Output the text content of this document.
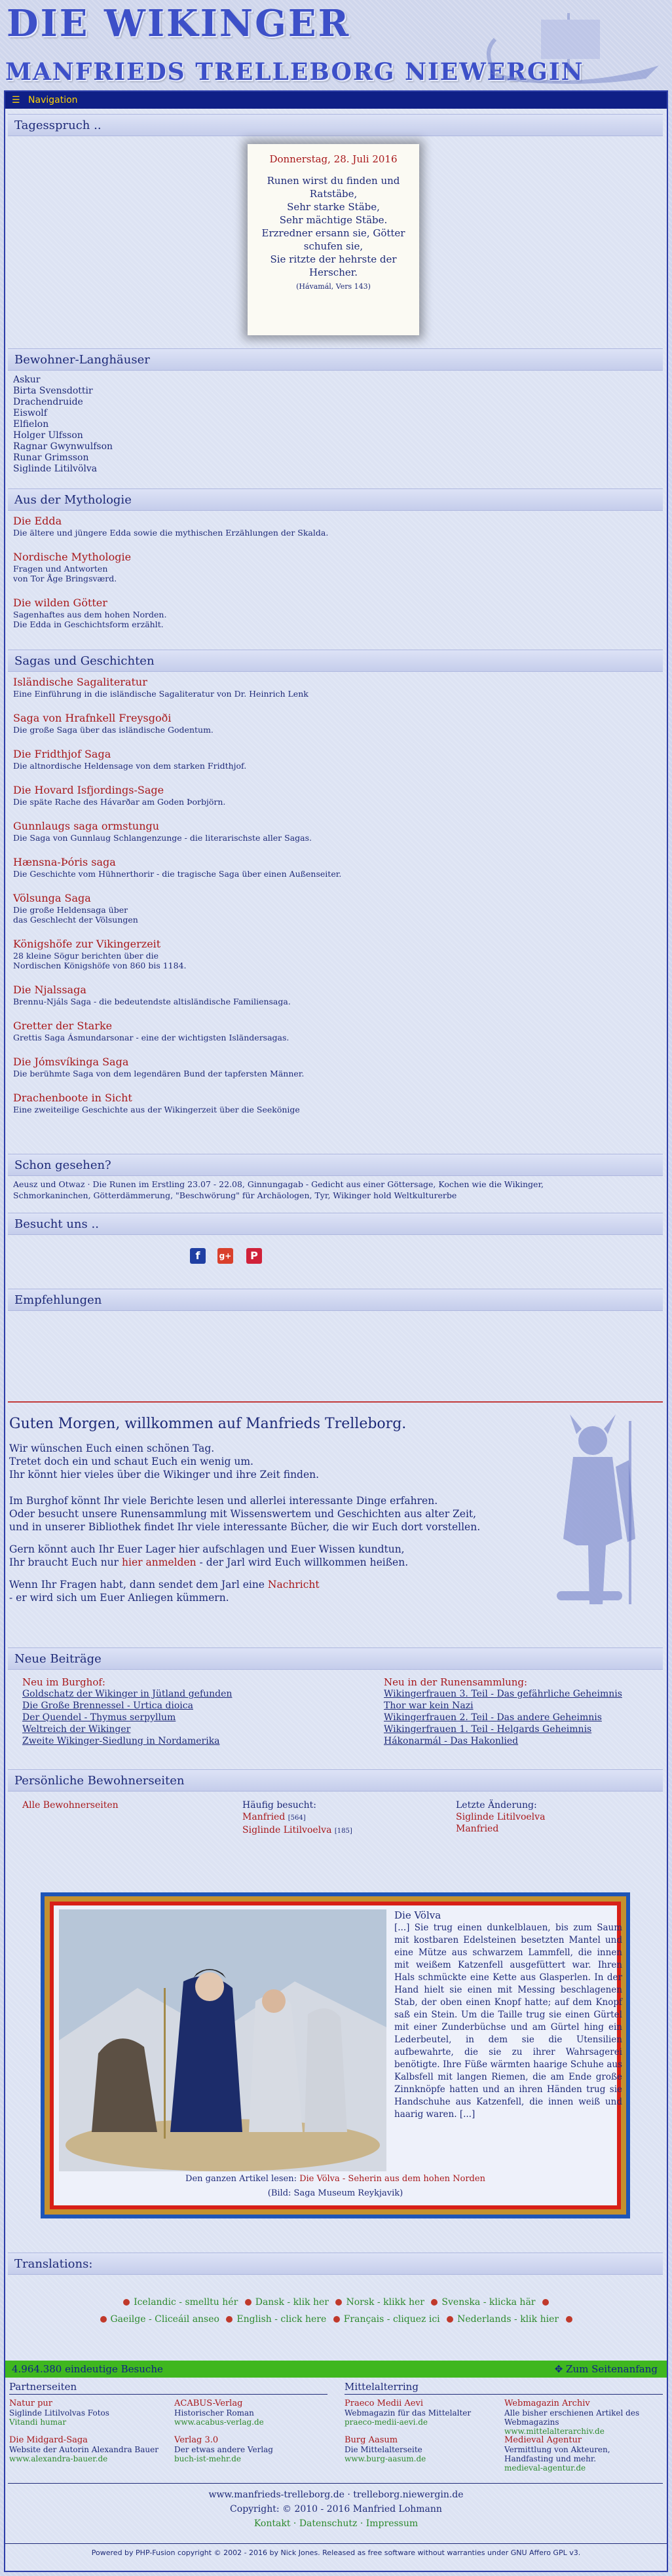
DIE WIKINGER
MANFRIEDS TRELLEBORG NIEWERGIN
☰ Navigation
Tagesspruch ..
Donnerstag, 28. Juli 2016
Runen wirst du finden und
Ratstäbe,
Sehr starke Stäbe,
Sehr mächtige Stäbe.
Erzredner ersann sie, Götter
schufen sie,
Sie ritzte der hehrste der
Herscher.
(Hávamál, Vers 143)
Bewohner-Langhäuser
Askur
Birta Svensdottir
Drachendruide
Eiswolf
Elfielon
Holger Ulfsson
Ragnar Gwynwulfson
Runar Grimsson
Siglinde Litilvölva
Aus der Mythologie
Die Edda
Die ältere und jüngere Edda sowie die mythischen Erzählungen der Skalda.
Nordische Mythologie
Fragen und Antworten
von Tor Åge Bringsværd.
Die wilden Götter
Sagenhaftes aus dem hohen Norden.
Die Edda in Geschichtsform erzählt.
Sagas und Geschichten
Isländische Sagaliteratur
Eine Einführung in die isländische Sagaliteratur von Dr. Heinrich Lenk
Saga von Hrafnkell Freysgoði
Die große Saga über das isländische Godentum.
Die Fridthjof Saga
Die altnordische Heldensage von dem starken Fridthjof.
Die Hovard Isfjordings-Sage
Die späte Rache des Hávarðar am Goden Þorbjörn.
Gunnlaugs saga ormstungu
Die Saga von Gunnlaug Schlangenzunge - die literarischste aller Sagas.
Hænsna-Þóris saga
Die Geschichte vom Hühnerthorir - die tragische Saga über einen Außenseiter.
Völsunga Saga
Die große Heldensaga über
das Geschlecht der Völsungen
Königshöfe zur Vikingerzeit
28 kleine Sögur berichten über die
Nordischen Königshöfe von 860 bis 1184.
Die Njalssaga
Brennu-Njáls Saga - die bedeutendste altisländische Familiensaga.
Gretter der Starke
Grettis Saga Ásmundarsonar - eine der wichtigsten Isländersagas.
Die Jómsvíkinga Saga
Die berühmte Saga von dem legendären Bund der tapfersten Männer.
Drachenboote in Sicht
Eine zweiteilige Geschichte aus der Wikingerzeit über die Seekönige
Schon gesehen?
Aeusz und Otwaz · Die Runen im Erstling 23.07 - 22.08, Ginnungagab - Gedicht aus einer Göttersage, Kochen wie die Wikinger,
Schmorkaninchen, Götterdämmerung, "Beschwörung" für Archäologen, Tyr, Wikinger hold Weltkulturerbe
Besucht uns ..
f	g+	P
Empfehlungen
Guten Morgen, willkommen auf Manfrieds Trelleborg.

Wir wünschen Euch einen schönen Tag.
Tretet doch ein und schaut Euch ein wenig um.
Ihr könnt hier vieles über die Wikinger und ihre Zeit finden.

Im Burghof könnt Ihr viele Berichte lesen und allerlei interessante Dinge erfahren.
Oder besucht unsere Runensammlung mit Wissenswertem und Geschichten aus alter Zeit,
und in unserer Bibliothek findet Ihr viele interessante Bücher, die wir Euch dort vorstellen.

Gern könnt auch Ihr Euer Lager hier aufschlagen und Euer Wissen kundtun,
Ihr braucht Euch nur hier anmelden - der Jarl wird Euch willkommen heißen.

Wenn Ihr Fragen habt, dann sendet dem Jarl eine Nachricht
- er wird sich um Euer Anliegen kümmern.

Neue Beiträge
Neu im Burghof:
Goldschatz der Wikinger in Jütland gefunden
Die Große Brennessel - Urtica dioica
Der Quendel - Thymus serpyllum
Weltreich der Wikinger
Zweite Wikinger-Siedlung in Nordamerika
Neu in der Runensammlung:
Wikingerfrauen 3. Teil - Das gefährliche Geheimnis
Thor war kein Nazi
Wikingerfrauen 2. Teil - Das andere Geheimnis
Wikingerfrauen 1. Teil - Helgards Geheimnis
Hákonarmál - Das Hakonlied
Persönliche Bewohnerseiten
Alle Bewohnerseiten	Häufig besucht:
Manfried [564]
Siglinde Litilvoelva [185]
Letzte Änderung:
Siglinde Litilvoelva
Manfried
Die Völva
[...] Sie trug einen dunkelblauen, bis zum Saum mit kostbaren Edelsteinen besetzten Mantel und eine Mütze aus schwarzem Lammfell, die innen mit weißem Katzenfell ausgefüttert war. Ihren Hals schmückte eine Kette aus Glasperlen. In der Hand hielt sie einen mit Messing beschlagenen Stab, der oben einen Knopf hatte; auf dem Knopf saß ein Stein. Um die Taille trug sie einen Gürtel mit einer Zunderbüchse und am Gürtel hing ein Lederbeutel, in dem sie die Utensilien aufbewahrte, die sie zu ihrer Wahrsagerei benötigte. Ihre Füße wärmten haarige Schuhe aus Kalbsfell mit langen Riemen, die am Ende große Zinnknöpfe hatten und an ihren Händen trug sie Handschuhe aus Katzenfell, die innen weiß und haarig waren. [...]
Den ganzen Artikel lesen: Die Völva - Seherin aus dem hohen Norden
(Bild: Saga Museum Reykjavik)
Translations:
Icelandic - smelltu hér Dansk - klik her Norsk - klikk her Svenska - klicka här
Gaeilge - Cliceáil anseo English - click here Français - cliquez ici Nederlands - klik hier
4.964.380 eindeutige Besuche	✥ Zum Seitenanfang
Partnerseiten	Mittelalterring
Natur pur
Siglinde Litilvolvas Fotos
Vitandi humar
ACABUS-Verlag
Historischer Roman
www.acabus-verlag.de
Die Midgard-Saga
Website der Autorin Alexandra Bauer
www.alexandra-bauer.de
Verlag 3.0
Der etwas andere Verlag
buch-ist-mehr.de
Praeco Medii Aevi
Webmagazin für das Mittelalter
praeco-medii-aevi.de
Webmagazin Archiv
Alle bisher erschienen Artikel des Webmagazins
www.mittelalterarchiv.de
Burg Aasum
Die Mittelalterseite
www.burg-aasum.de
Medieval Agentur
Vermittlung von Akteuren, Handfasting und mehr.
medieval-agentur.de
www.manfrieds-trelleborg.de · trelleborg.niewergin.de
Copyright: © 2010 - 2016 Manfried Lohmann
Kontakt · Datenschutz · Impressum
Powered by PHP-Fusion copyright © 2002 - 2016 by Nick Jones. Released as free software without warranties under GNU Affero GPL v3.
